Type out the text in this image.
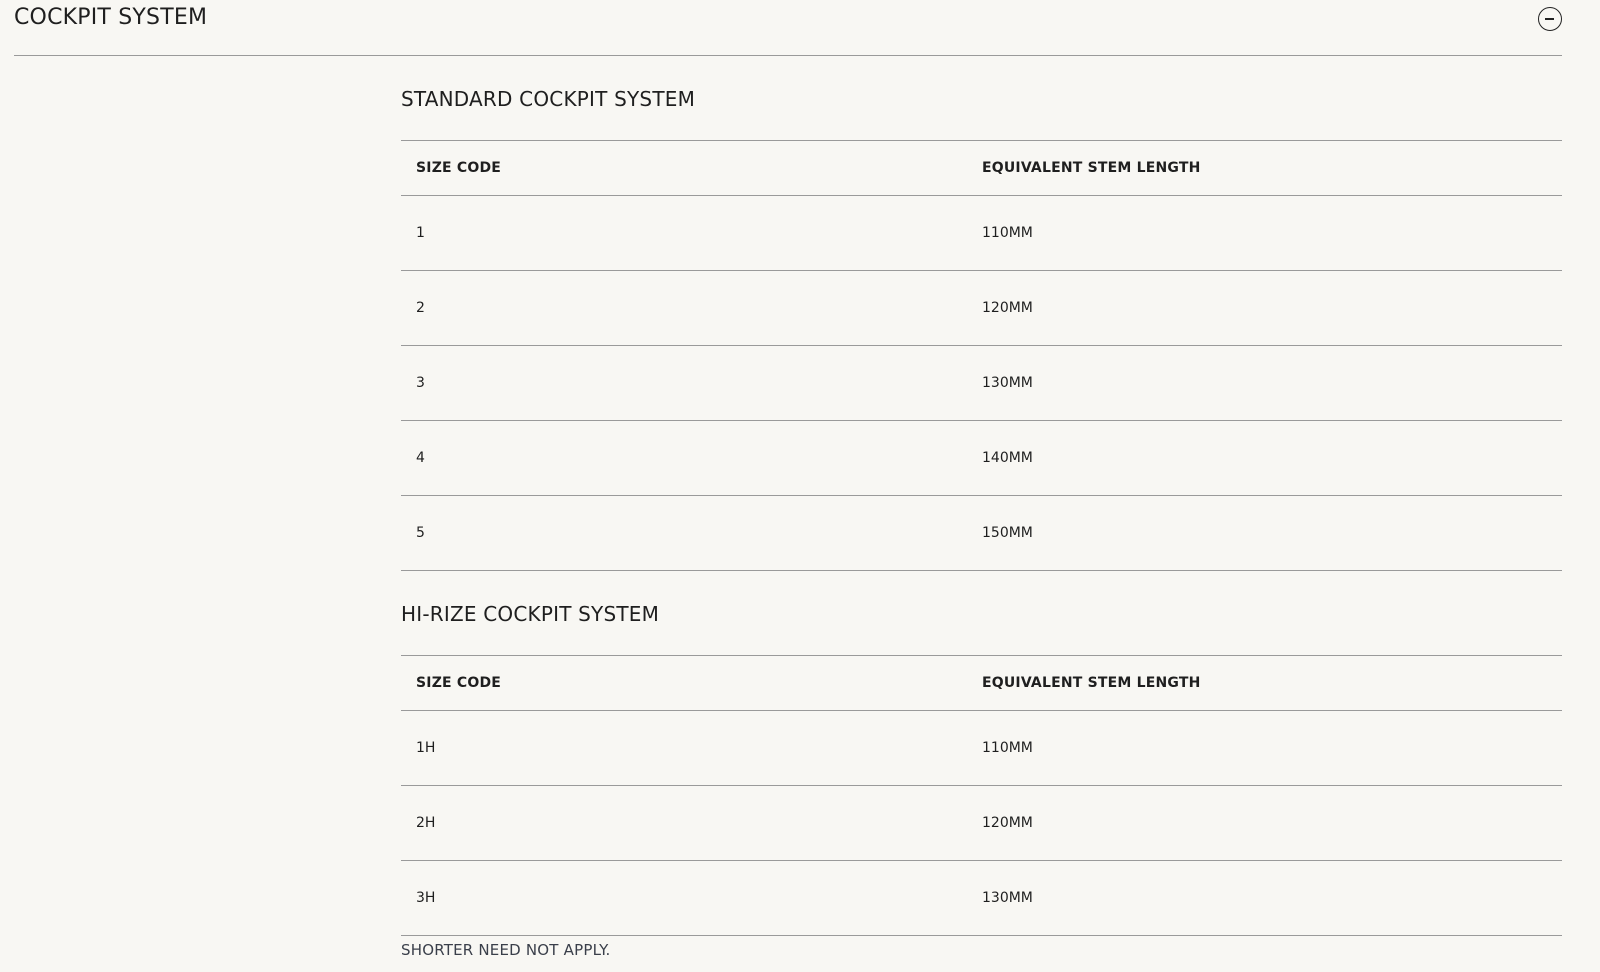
COCKPIT SYSTEM
STANDARD COCKPIT SYSTEM
SIZE CODE	EQUIVALENT STEM LENGTH
1	110MM
2	120MM
3	130MM
4	140MM
5	150MM
HI-RIZE COCKPIT SYSTEM
SIZE CODE	EQUIVALENT STEM LENGTH
1H	110MM
2H	120MM
3H	130MM
SHORTER NEED NOT APPLY.
